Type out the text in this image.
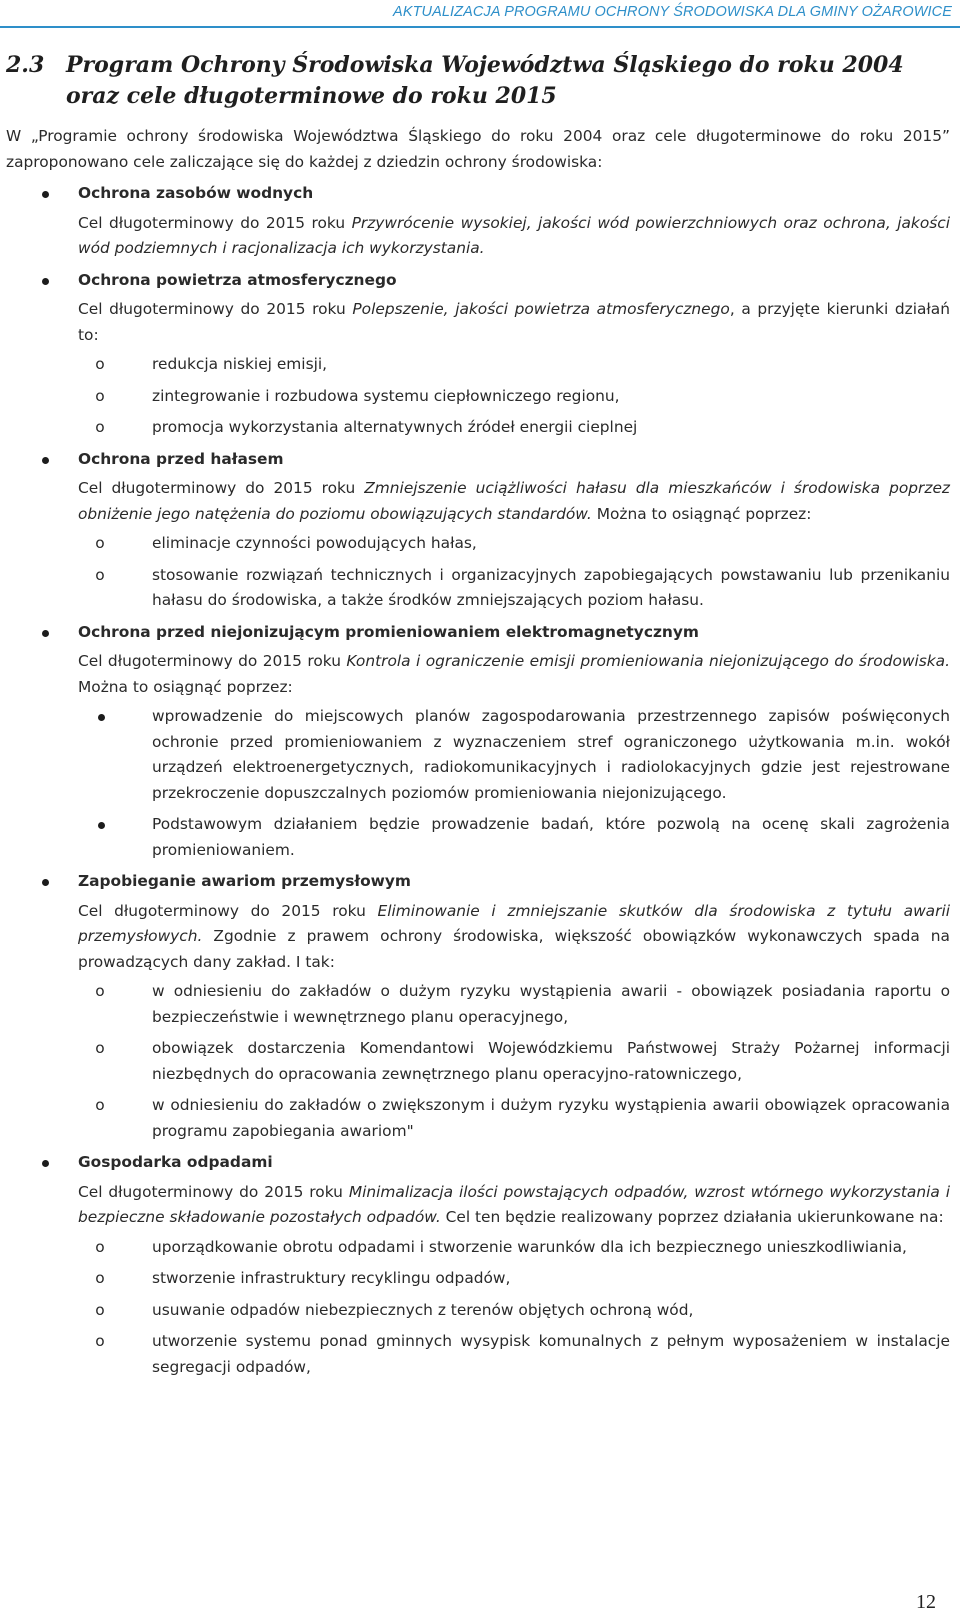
AKTUALIZACJA PROGRAMU OCHRONY ŚRODOWISKA DLA GMINY OŻAROWICE
2.3 Program Ochrony Środowiska Województwa Śląskiego do roku 2004
oraz cele długoterminowe do roku 2015

W „Programie ochrony środowiska Województwa Śląskiego do roku 2004 oraz cele długoterminowe do roku 2015” zaproponowano cele zaliczające się do każdej z dziedzin ochrony środowiska:

Ochrona zasobów wodnych
Cel długoterminowy do 2015 roku Przywrócenie wysokiej, jakości wód powierzchniowych oraz ochrona, jakości wód podziemnych i racjonalizacja ich wykorzystania.
Ochrona powietrza atmosferycznego
Cel długoterminowy do 2015 roku Polepszenie, jakości powietrza atmosferycznego, a przyjęte kierunki działań to:
o	redukcja niskiej emisji,
o	zintegrowanie i rozbudowa systemu ciepłowniczego regionu,
o	promocja wykorzystania alternatywnych źródeł energii cieplnej
Ochrona przed hałasem
Cel długoterminowy do 2015 roku Zmniejszenie uciążliwości hałasu dla mieszkańców i środowiska poprzez obniżenie jego natężenia do poziomu obowiązujących standardów. Można to osiągnąć poprzez:
o	eliminacje czynności powodujących hałas,
o	stosowanie rozwiązań technicznych i organizacyjnych zapobiegających powstawaniu lub przenikaniu hałasu do środowiska, a także środków zmniejszających poziom hałasu.
Ochrona przed niejonizującym promieniowaniem elektromagnetycznym
Cel długoterminowy do 2015 roku Kontrola i ograniczenie emisji promieniowania niejonizującego do środowiska. Można to osiągnąć poprzez:
wprowadzenie do miejscowych planów zagospodarowania przestrzennego zapisów poświęconych ochronie przed promieniowaniem z wyznaczeniem stref ograniczonego użytkowania m.in. wokół urządzeń elektroenergetycznych, radiokomunikacyjnych i radiolokacyjnych gdzie jest rejestrowane przekroczenie dopuszczalnych poziomów promieniowania niejonizującego.
Podstawowym działaniem będzie prowadzenie badań, które pozwolą na ocenę skali zagrożenia promieniowaniem.
Zapobieganie awariom przemysłowym
Cel długoterminowy do 2015 roku Eliminowanie i zmniejszanie skutków dla środowiska z tytułu awarii przemysłowych. Zgodnie z prawem ochrony środowiska, większość obowiązków wykonawczych spada na prowadzących dany zakład. I tak:
o	w odniesieniu do zakładów o dużym ryzyku wystąpienia awarii - obowiązek posiadania raportu o bezpieczeństwie i wewnętrznego planu operacyjnego,
o	obowiązek dostarczenia Komendantowi Wojewódzkiemu Państwowej Straży Pożarnej informacji niezbędnych do opracowania zewnętrznego planu operacyjno-ratowniczego,
o	w odniesieniu do zakładów o zwiększonym i dużym ryzyku wystąpienia awarii obowiązek opracowania programu zapobiegania awariom"
Gospodarka odpadami
Cel długoterminowy do 2015 roku Minimalizacja ilości powstających odpadów, wzrost wtórnego wykorzystania i bezpieczne składowanie pozostałych odpadów. Cel ten będzie realizowany poprzez działania ukierunkowane na:
o	uporządkowanie obrotu odpadami i stworzenie warunków dla ich bezpiecznego unieszkodliwiania,
o	stworzenie infrastruktury recyklingu odpadów,
o	usuwanie odpadów niebezpiecznych z terenów objętych ochroną wód,
o	utworzenie systemu ponad gminnych wysypisk komunalnych z pełnym wyposażeniem w instalacje segregacji odpadów,
12
